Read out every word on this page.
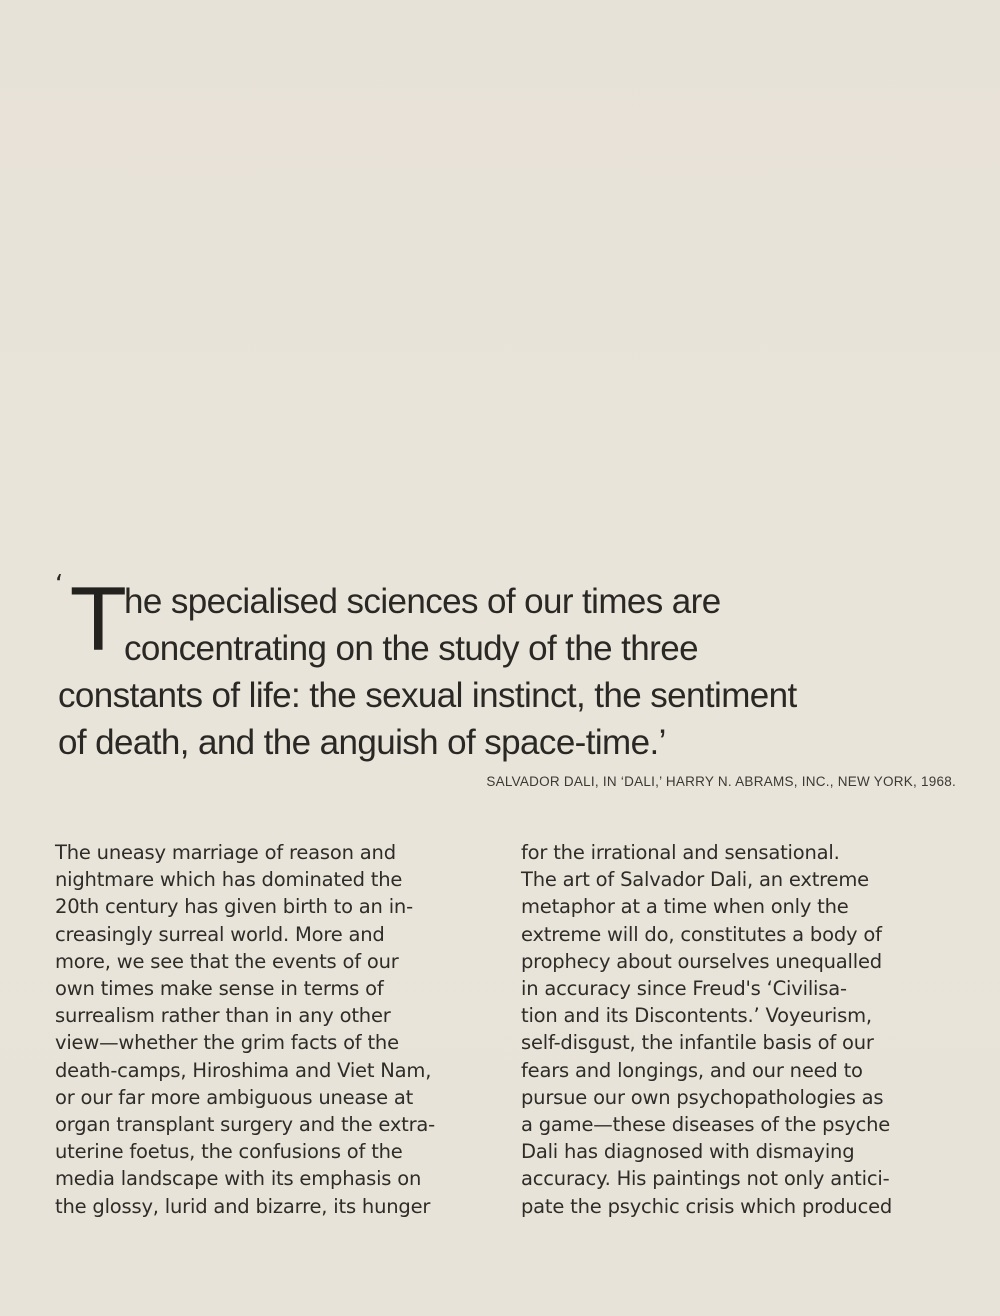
‘ T he specialised sciences of our times are
concentrating on the study of the three
constants of life: the sexual instinct, the sentiment
of death, and the anguish of space-time.’
SALVADOR DALI, IN ‘DALI,’ HARRY N. ABRAMS, INC., NEW YORK, 1968.
The uneasy marriage of reason and
nightmare which has dominated the
20th century has given birth to an in-
creasingly surreal world. More and
more, we see that the events of our
own times make sense in terms of
surrealism rather than in any other
view—whether the grim facts of the
death-camps, Hiroshima and Viet Nam,
or our far more ambiguous unease at
organ transplant surgery and the extra-
uterine foetus, the confusions of the
media landscape with its emphasis on
the glossy, lurid and bizarre, its hunger
for the irrational and sensational.
The art of Salvador Dali, an extreme
metaphor at a time when only the
extreme will do, constitutes a body of
prophecy about ourselves unequalled
in accuracy since Freud's ‘Civilisa-
tion and its Discontents.’ Voyeurism,
self-disgust, the infantile basis of our
fears and longings, and our need to
pursue our own psychopathologies as
a game—these diseases of the psyche
Dali has diagnosed with dismaying
accuracy. His paintings not only antici-
pate the psychic crisis which produced
